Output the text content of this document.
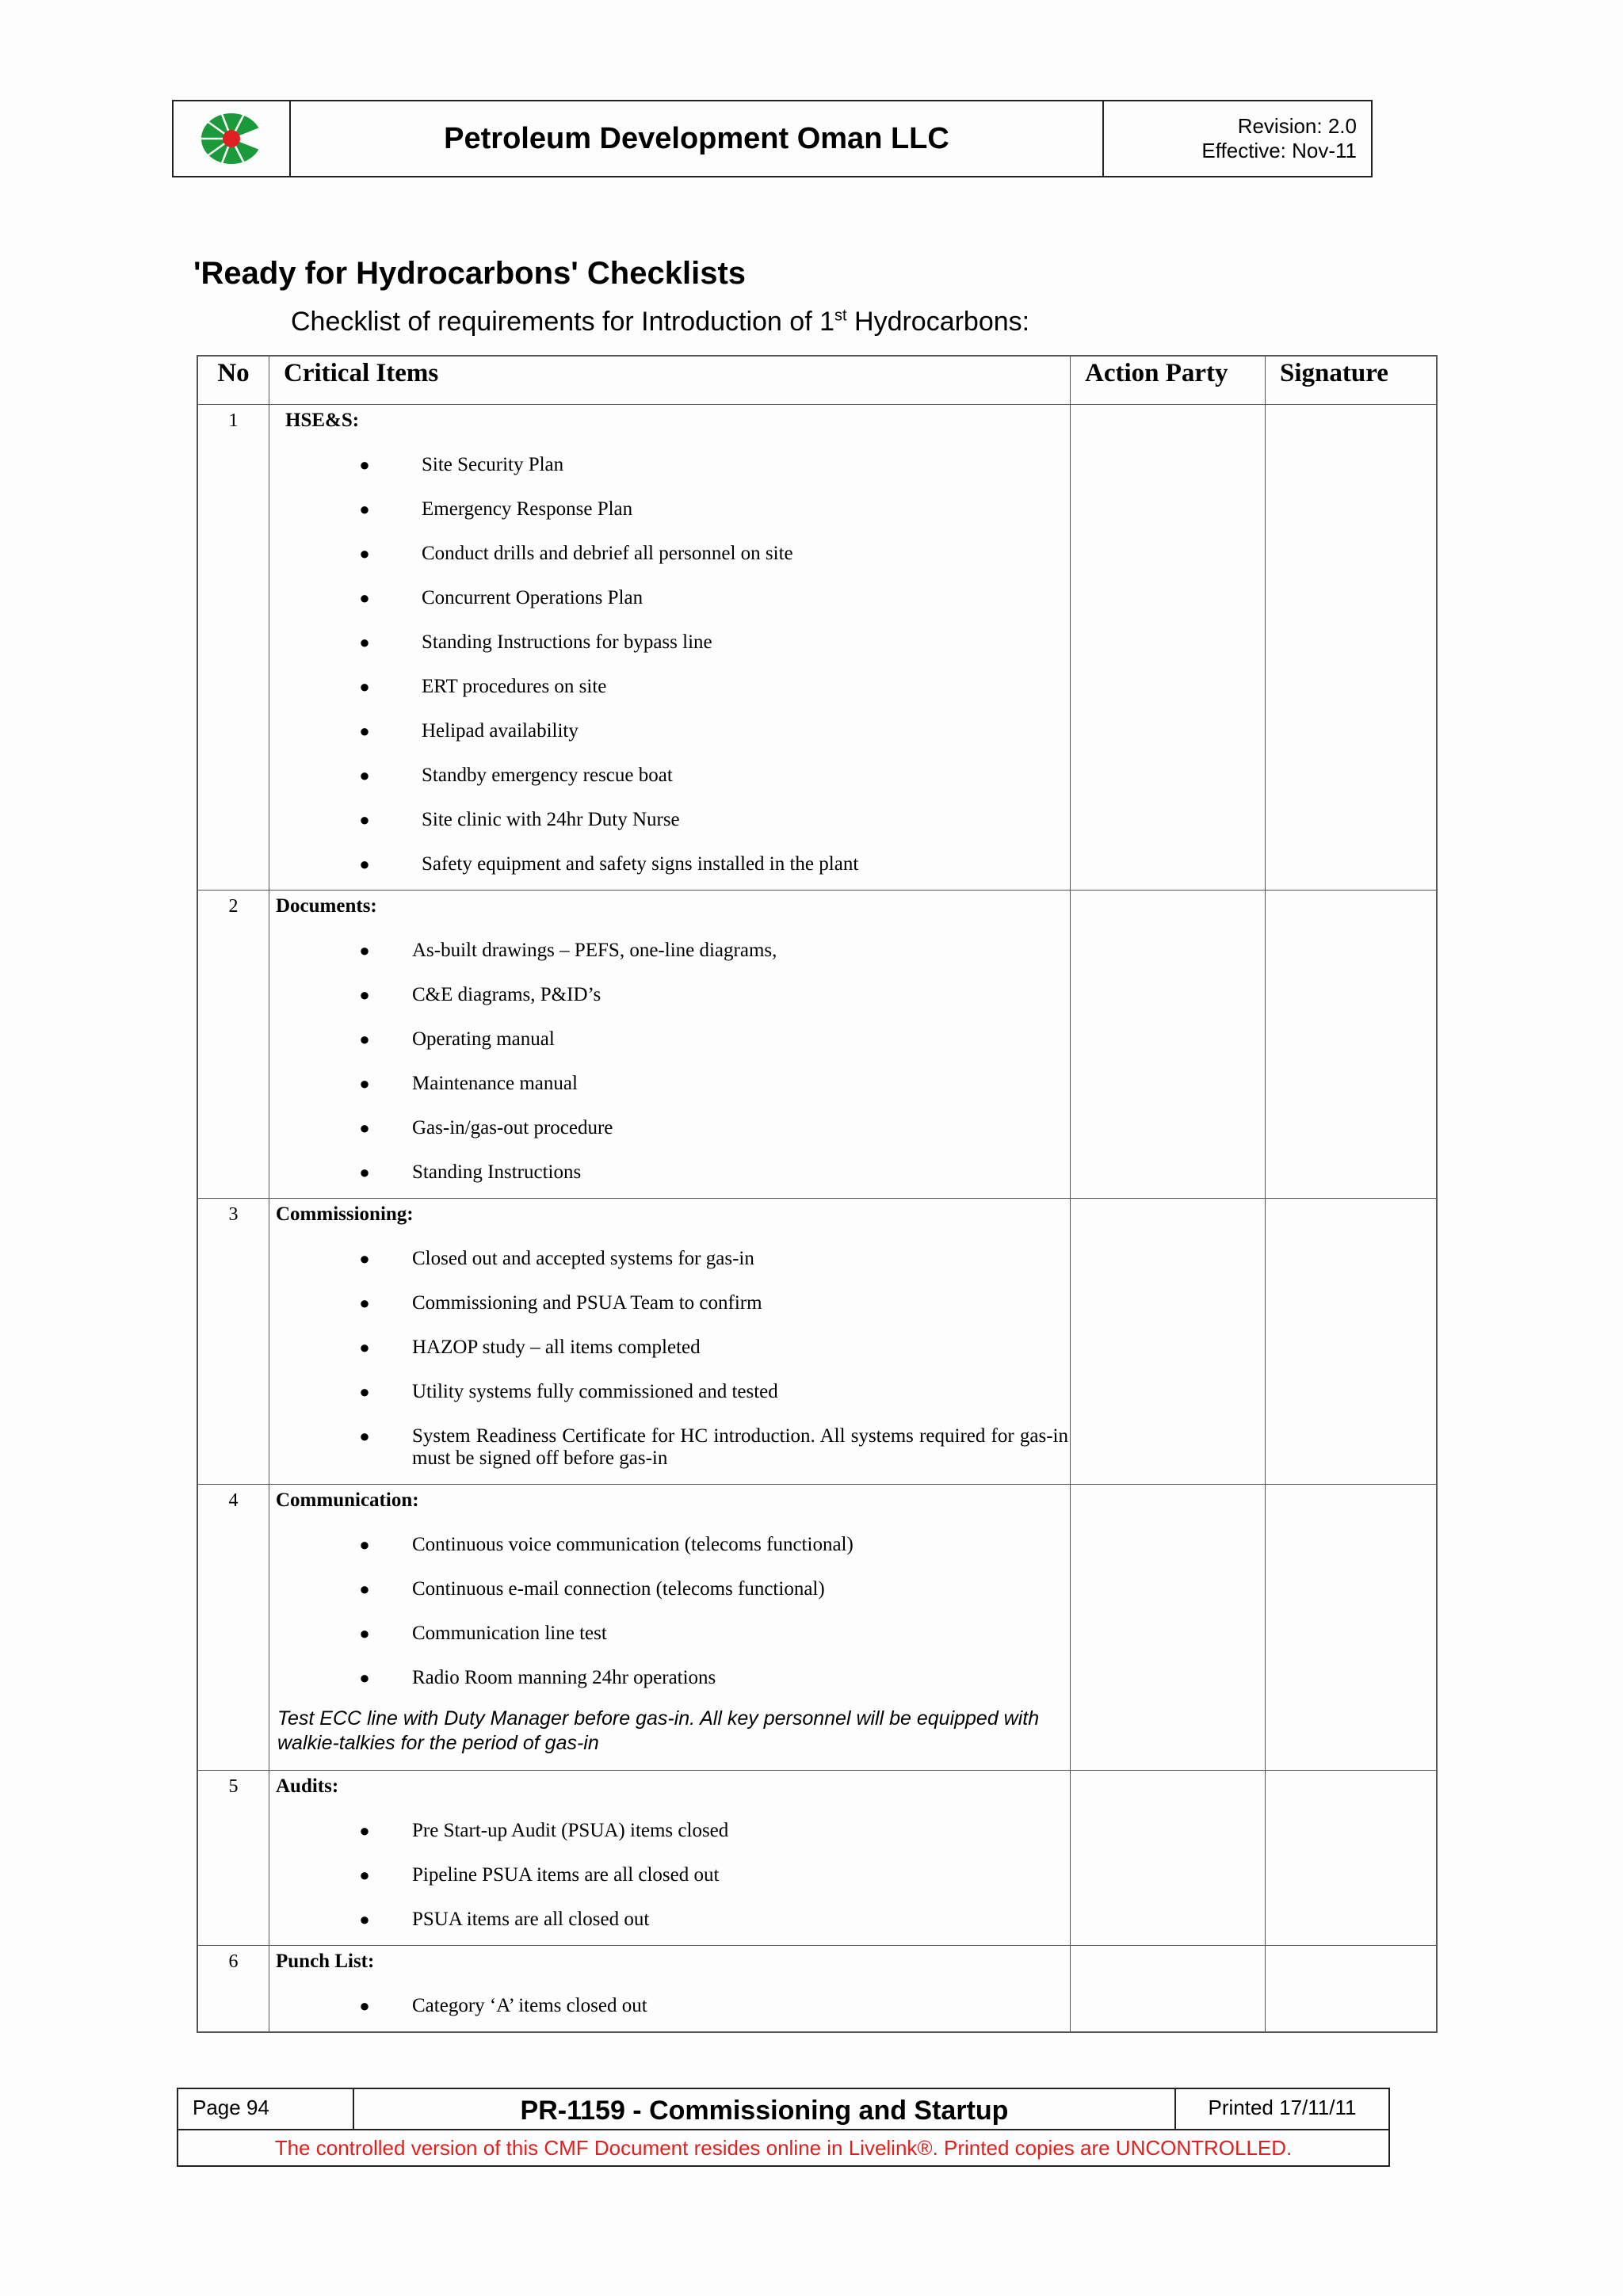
Petroleum Development Oman LLC	Revision: 2.0
Effective: Nov-11
'Ready for Hydrocarbons' Checklists
Checklist of requirements for Introduction of 1st Hydrocarbons:
No	Critical Items	Action Party	Signature
1	HSE&S:
●	Site Security Plan
●	Emergency Response Plan
●	Conduct drills and debrief all personnel on site
●	Concurrent Operations Plan
●	Standing Instructions for bypass line
●	ERT procedures on site
●	Helipad availability
●	Standby emergency rescue boat
●	Site clinic with 24hr Duty Nurse
●	Safety equipment and safety signs installed in the plant
2	Documents:
●	As-built drawings – PEFS, one-line diagrams,
●	C&E diagrams, P&ID’s
●	Operating manual
●	Maintenance manual
●	Gas-in/gas-out procedure
●	Standing Instructions
3	Commissioning:
●	Closed out and accepted systems for gas-in
●	Commissioning and PSUA Team to confirm
●	HAZOP study – all items completed
●	Utility systems fully commissioned and tested
●	System Readiness Certificate for HC introduction. All systems required for gas-in must be signed off before gas-in
4	Communication:
●	Continuous voice communication (telecoms functional)
●	Continuous e-mail connection (telecoms functional)
●	Communication line test
●	Radio Room manning 24hr operations
Test ECC line with Duty Manager before gas-in. All key personnel will be equipped with walkie-talkies for the period of gas-in
5	Audits:
●	Pre Start-up Audit (PSUA) items closed
●	Pipeline PSUA items are all closed out
●	PSUA items are all closed out
6	Punch List:
●	Category ‘A’ items closed out
Page 94	PR-1159 - Commissioning and Startup	Printed 17/11/11
The controlled version of this CMF Document resides online in Livelink®. Printed copies are UNCONTROLLED.
